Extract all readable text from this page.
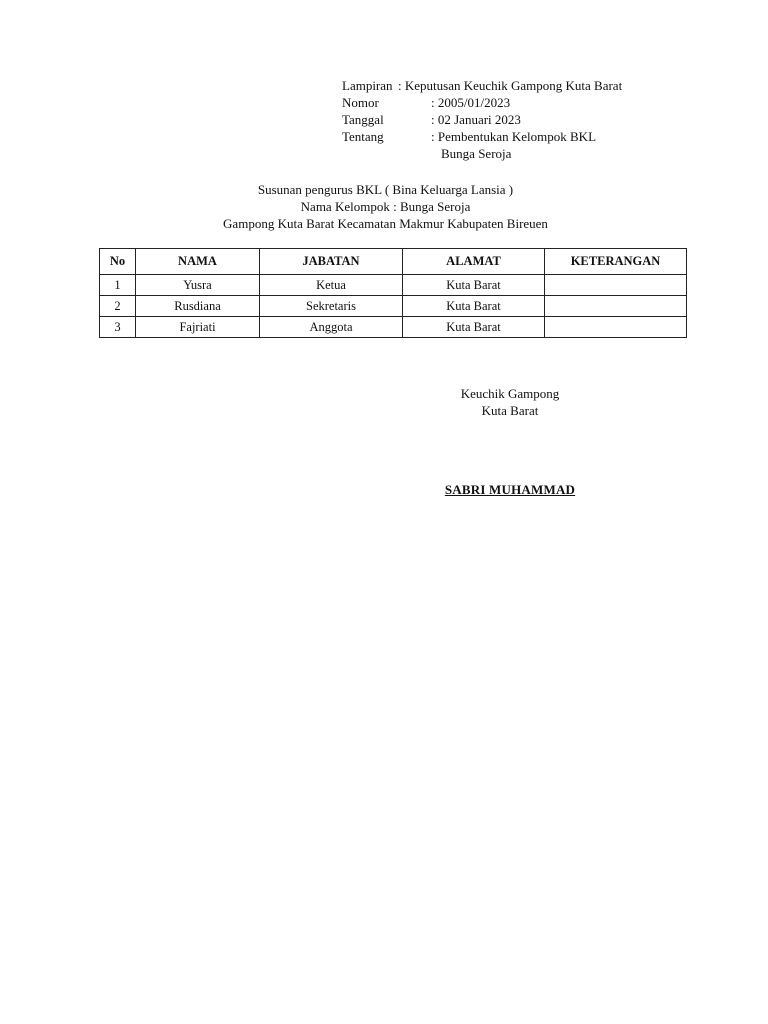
Lampiran : Keputusan Keuchik Gampong Kuta Barat
Nomor	: 2005/01/2023
Tanggal	: 02 Januari 2023
Tentang	: Pembentukan Kelompok BKL
Bunga Seroja
Susunan pengurus BKL ( Bina Keluarga Lansia )
Nama Kelompok : Bunga Seroja
Gampong Kuta Barat Kecamatan Makmur Kabupaten Bireuen
No	NAMA	JABATAN	ALAMAT	KETERANGAN
1	Yusra	Ketua	Kuta Barat	
2	Rusdiana	Sekretaris	Kuta Barat	
3	Fajriati	Anggota	Kuta Barat	
Keuchik Gampong
Kuta Barat
SABRI MUHAMMAD
